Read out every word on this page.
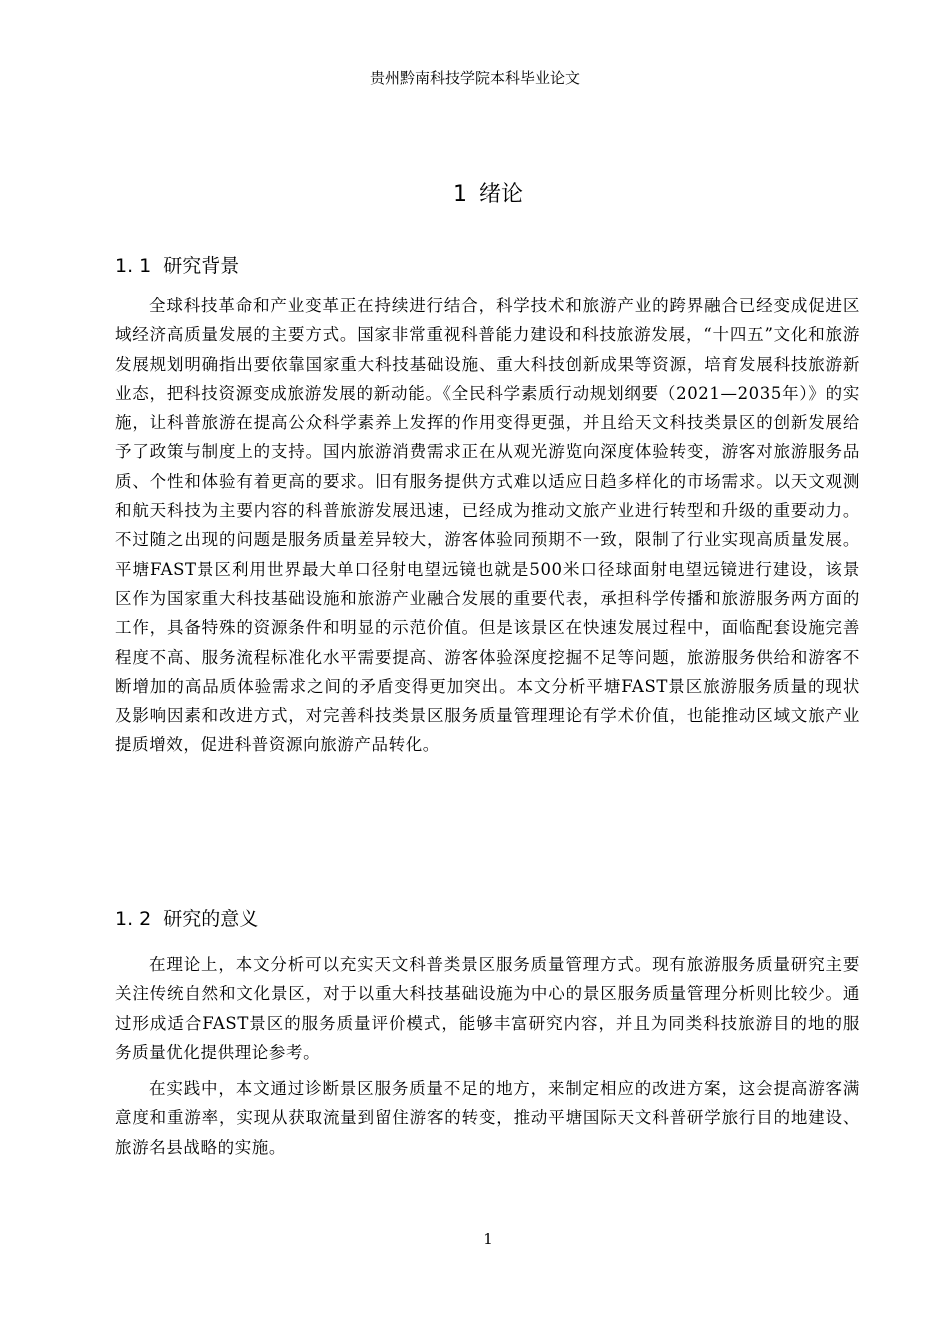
贵州黔南科技学院本科毕业论文
1 绪论
1. 1 研究背景

全球科技革命和产业变革正在持续进行结合，科学技术和旅游产业的跨界融合已经变成促进区域经济高质量发展的主要方式。国家非常重视科普能力建设和科技旅游发展，“十四五”文化和旅游发展规划明确指出要依靠国家重大科技基础设施、重大科技创新成果等资源，培育发展科技旅游新业态，把科技资源变成旅游发展的新动能。《全民科学素质行动规划纲要（2021—2035年）》的实施，让科普旅游在提高公众科学素养上发挥的作用变得更强，并且给天文科技类景区的创新发展给予了政策与制度上的支持。国内旅游消费需求正在从观光游览向深度体验转变，游客对旅游服务品质、个性和体验有着更高的要求。旧有服务提供方式难以适应日趋多样化的市场需求。以天文观测和航天科技为主要内容的科普旅游发展迅速，已经成为推动文旅产业进行转型和升级的重要动力。不过随之出现的问题是服务质量差异较大，游客体验同预期不一致，限制了行业实现高质量发展。平塘FAST景区利用世界最大单口径射电望远镜也就是500米口径球面射电望远镜进行建设，该景区作为国家重大科技基础设施和旅游产业融合发展的重要代表，承担科学传播和旅游服务两方面的工作，具备特殊的资源条件和明显的示范价值。但是该景区在快速发展过程中，面临配套设施完善程度不高、服务流程标准化水平需要提高、游客体验深度挖掘不足等问题，旅游服务供给和游客不断增加的高品质体验需求之间的矛盾变得更加突出。本文分析平塘FAST景区旅游服务质量的现状及影响因素和改进方式，对完善科技类景区服务质量管理理论有学术价值，也能推动区域文旅产业提质增效，促进科普资源向旅游产品转化。

1. 2 研究的意义

在理论上，本文分析可以充实天文科普类景区服务质量管理方式。现有旅游服务质量研究主要关注传统自然和文化景区，对于以重大科技基础设施为中心的景区服务质量管理分析则比较少。通过形成适合FAST景区的服务质量评价模式，能够丰富研究内容，并且为同类科技旅游目的地的服务质量优化提供理论参考。

在实践中，本文通过诊断景区服务质量不足的地方，来制定相应的改进方案，这会提高游客满意度和重游率，实现从获取流量到留住游客的转变，推动平塘国际天文科普研学旅行目的地建设、旅游名县战略的实施。

1
